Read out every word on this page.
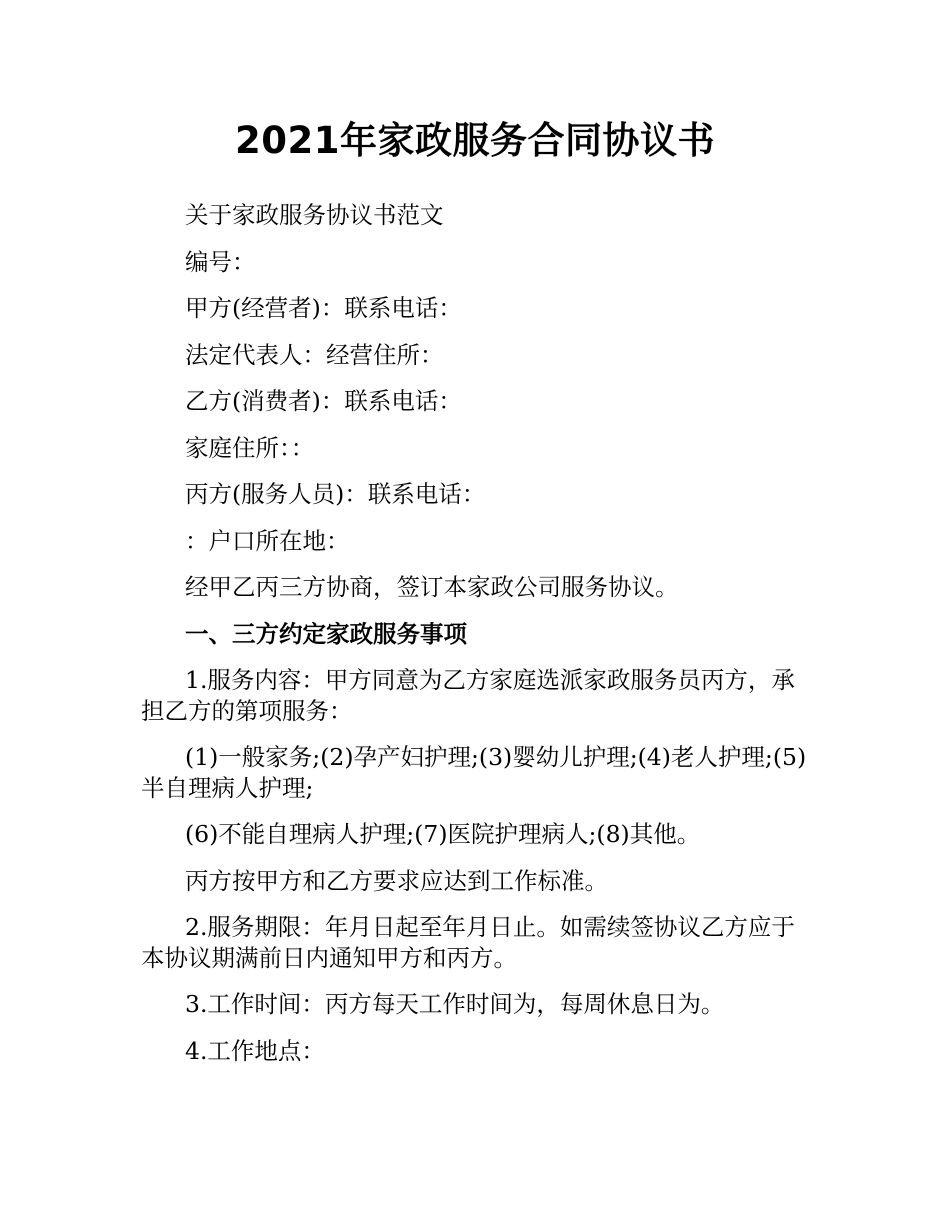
2021年家政服务合同协议书

关于家政服务协议书范文

编号：

甲方(经营者)：联系电话：

法定代表人：经营住所：

乙方(消费者)：联系电话：

家庭住所：：

丙方(服务人员)：联系电话：

：户口所在地：

经甲乙丙三方协商，签订本家政公司服务协议。

一、三方约定家政服务事项

1.服务内容：甲方同意为乙方家庭选派家政服务员丙方，承担乙方的第项服务：

(1)一般家务;(2)孕产妇护理;(3)婴幼儿护理;(4)老人护理;(5)半自理病人护理;

(6)不能自理病人护理;(7)医院护理病人;(8)其他。

丙方按甲方和乙方要求应达到工作标准。

2.服务期限：年月日起至年月日止。如需续签协议乙方应于本协议期满前日内通知甲方和丙方。

3.工作时间：丙方每天工作时间为，每周休息日为。

4.工作地点：
